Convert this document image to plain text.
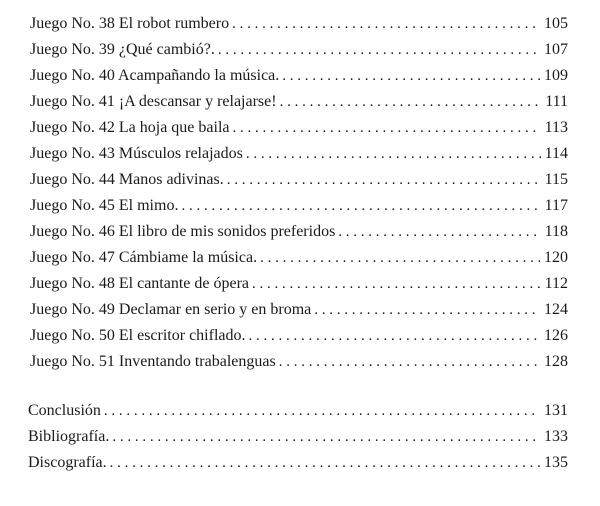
Juego No. 38 El robot rumbero . . .	105
Juego No. 39 ¿Qué cambió?. . . .	107
Juego No. 40 Acampañando la música. . . .	109
Juego No. 41 ¡A descansar y relajarse! . . .	111
Juego No. 42 La hoja que baila . . .	113
Juego No. 43 Músculos relajados . . .	114
Juego No. 44 Manos adivinas. . . .	115
Juego No. 45 El mimo. . . .	117
Juego No. 46 El libro de mis sonidos preferidos . . .	118
Juego No. 47 Cámbiame la música. . . .	120
Juego No. 48 El cantante de ópera . . .	112
Juego No. 49 Declamar en serio y en broma . . .	124
Juego No. 50 El escritor chiflado. . . .	126
Juego No. 51 Inventando trabalenguas . . .	128
Conclusión . . .	131
Bibliografía. . . .	133
Discografía. . . .	135
